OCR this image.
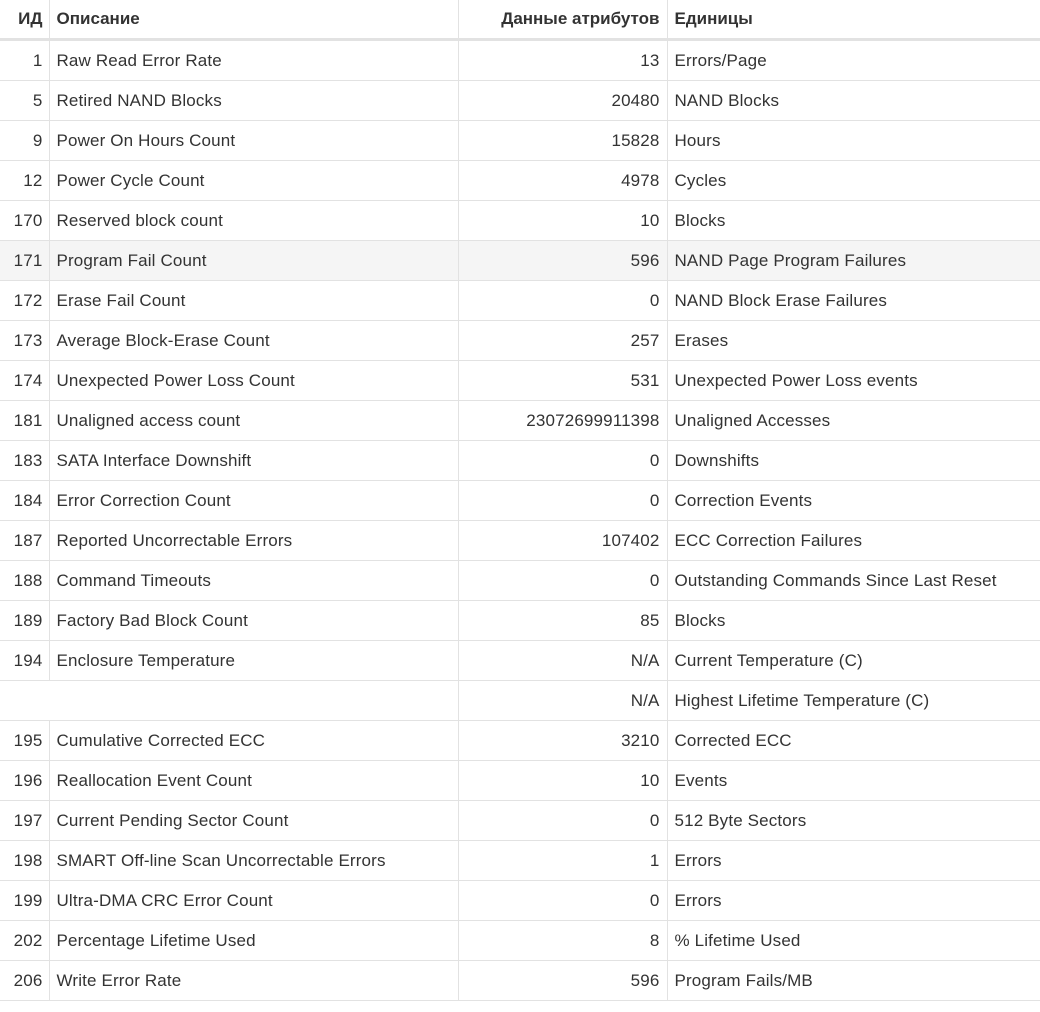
ИД	Описание	Данные атрибутов	Единицы
1	Raw Read Error Rate	13	Errors/Page
5	Retired NAND Blocks	20480	NAND Blocks
9	Power On Hours Count	15828	Hours
12	Power Cycle Count	4978	Cycles
170	Reserved block count	10	Blocks
171	Program Fail Count	596	NAND Page Program Failures
172	Erase Fail Count	0	NAND Block Erase Failures
173	Average Block-Erase Count	257	Erases
174	Unexpected Power Loss Count	531	Unexpected Power Loss events
181	Unaligned access count	23072699911398	Unaligned Accesses
183	SATA Interface Downshift	0	Downshifts
184	Error Correction Count	0	Correction Events
187	Reported Uncorrectable Errors	107402	ECC Correction Failures
188	Command Timeouts	0	Outstanding Commands Since Last Reset
189	Factory Bad Block Count	85	Blocks
194	Enclosure Temperature	N/A	Current Temperature (C)
		N/A	Highest Lifetime Temperature (C)
195	Cumulative Corrected ECC	3210	Corrected ECC
196	Reallocation Event Count	10	Events
197	Current Pending Sector Count	0	512 Byte Sectors
198	SMART Off-line Scan Uncorrectable Errors	1	Errors
199	Ultra-DMA CRC Error Count	0	Errors
202	Percentage Lifetime Used	8	% Lifetime Used
206	Write Error Rate	596	Program Fails/MB
